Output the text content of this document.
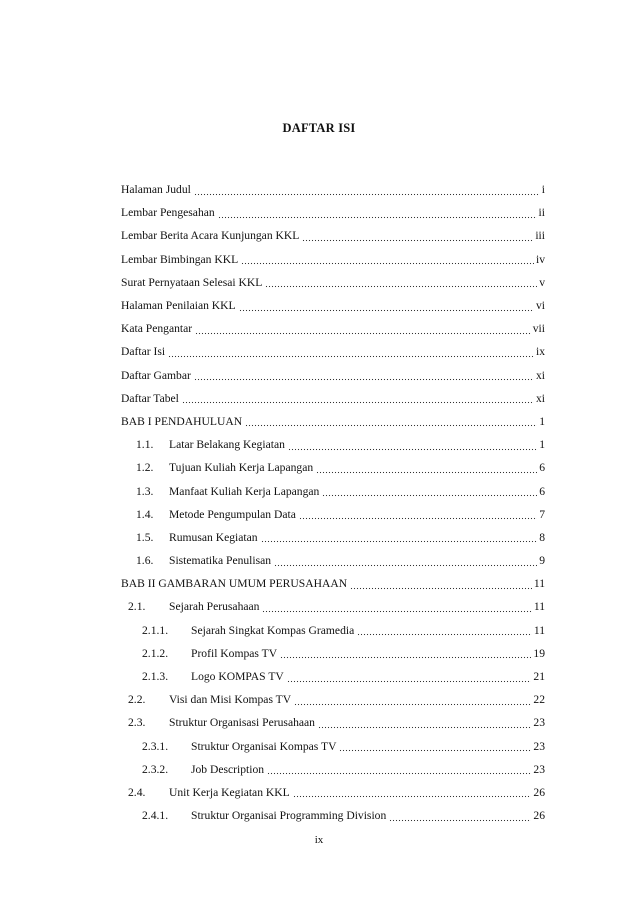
DAFTAR ISI
Halaman Judul	i
Lembar Pengesahan	ii
Lembar Berita Acara Kunjungan KKL	iii
Lembar Bimbingan KKL	iv
Surat Pernyataan Selesai KKL	v
Halaman Penilaian KKL	vi
Kata Pengantar	vii
Daftar Isi	ix
Daftar Gambar	xi
Daftar Tabel	xi
BAB I PENDAHULUAN	1
1.1.	Latar Belakang Kegiatan	1
1.2.	Tujuan Kuliah Kerja Lapangan	6
1.3.	Manfaat Kuliah Kerja Lapangan	6
1.4.	Metode Pengumpulan Data	7
1.5.	Rumusan Kegiatan	8
1.6.	Sistematika Penulisan	9
BAB II GAMBARAN UMUM PERUSAHAAN	11
2.1.	Sejarah Perusahaan	11
2.1.1.	Sejarah Singkat Kompas Gramedia	11
2.1.2.	Profil Kompas TV	19
2.1.3.	Logo KOMPAS TV	21
2.2.	Visi dan Misi Kompas TV	22
2.3.	Struktur Organisasi Perusahaan	23
2.3.1.	Struktur Organisai Kompas TV	23
2.3.2.	Job Description	23
2.4.	Unit Kerja Kegiatan KKL	26
2.4.1.	Struktur Organisai Programming Division	26
ix
